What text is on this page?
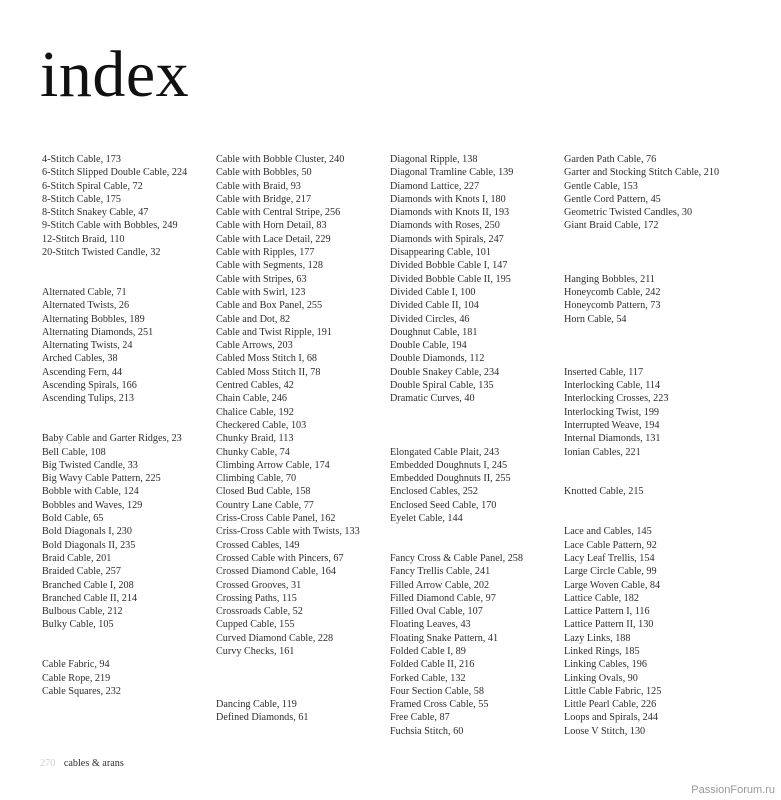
index
4-Stitch Cable, 173
6-Stitch Slipped Double Cable, 224
6-Stitch Spiral Cable, 72
8-Stitch Cable, 175
8-Stitch Snakey Cable, 47
9-Stitch Cable with Bobbles, 249
12-Stitch Braid, 110
20-Stitch Twisted Candle, 32
Alternated Cable, 71
Alternated Twists, 26
Alternating Bobbles, 189
Alternating Diamonds, 251
Alternating Twists, 24
Arched Cables, 38
Ascending Fern, 44
Ascending Spirals, 166
Ascending Tulips, 213
Baby Cable and Garter Ridges, 23
Bell Cable, 108
Big Twisted Candle, 33
Big Wavy Cable Pattern, 225
Bobble with Cable, 124
Bobbles and Waves, 129
Bold Cable, 65
Bold Diagonals I, 230
Bold Diagonals II, 235
Braid Cable, 201
Braided Cable, 257
Branched Cable I, 208
Branched Cable II, 214
Bulbous Cable, 212
Bulky Cable, 105
Cable Fabric, 94
Cable Rope, 219
Cable Squares, 232
Cable with Bobble Cluster, 240
Cable with Bobbles, 50
Cable with Braid, 93
Cable with Bridge, 217
Cable with Central Stripe, 256
Cable with Horn Detail, 83
Cable with Lace Detail, 229
Cable with Ripples, 177
Cable with Segments, 128
Cable with Stripes, 63
Cable with Swirl, 123
Cable and Box Panel, 255
Cable and Dot, 82
Cable and Twist Ripple, 191
Cable Arrows, 203
Cabled Moss Stitch I, 68
Cabled Moss Stitch II, 78
Centred Cables, 42
Chain Cable, 246
Chalice Cable, 192
Checkered Cable, 103
Chunky Braid, 113
Chunky Cable, 74
Climbing Arrow Cable, 174
Climbing Cable, 70
Closed Bud Cable, 158
Country Lane Cable, 77
Criss-Cross Cable Panel, 162
Criss-Cross Cable with Twists, 133
Crossed Cables, 149
Crossed Cable with Pincers, 67
Crossed Diamond Cable, 164
Crossed Grooves, 31
Crossing Paths, 115
Crossroads Cable, 52
Cupped Cable, 155
Curved Diamond Cable, 228
Curvy Checks, 161
Dancing Cable, 119
Defined Diamonds, 61
Diagonal Ripple, 138
Diagonal Tramline Cable, 139
Diamond Lattice, 227
Diamonds with Knots I, 180
Diamonds with Knots II, 193
Diamonds with Roses, 250
Diamonds with Spirals, 247
Disappearing Cable, 101
Divided Bobble Cable I, 147
Divided Bobble Cable II, 195
Divided Cable I, 100
Divided Cable II, 104
Divided Circles, 46
Doughnut Cable, 181
Double Cable, 194
Double Diamonds, 112
Double Snakey Cable, 234
Double Spiral Cable, 135
Dramatic Curves, 40
Elongated Cable Plait, 243
Embedded Doughnuts I, 245
Embedded Doughnuts II, 255
Enclosed Cables, 252
Enclosed Seed Cable, 170
Eyelet Cable, 144
Fancy Cross & Cable Panel, 258
Fancy Trellis Cable, 241
Filled Arrow Cable, 202
Filled Diamond Cable, 97
Filled Oval Cable, 107
Floating Leaves, 43
Floating Snake Pattern, 41
Folded Cable I, 89
Folded Cable II, 216
Forked Cable, 132
Four Section Cable, 58
Framed Cross Cable, 55
Free Cable, 87
Fuchsia Stitch, 60
Garden Path Cable, 76
Garter and Stocking Stitch Cable, 210
Gentle Cable, 153
Gentle Cord Pattern, 45
Geometric Twisted Candles, 30
Giant Braid Cable, 172
Hanging Bobbles, 211
Honeycomb Cable, 242
Honeycomb Pattern, 73
Horn Cable, 54
Inserted Cable, 117
Interlocking Cable, 114
Interlocking Crosses, 223
Interlocking Twist, 199
Interrupted Weave, 194
Internal Diamonds, 131
Ionian Cables, 221
Knotted Cable, 215
Lace and Cables, 145
Lace Cable Pattern, 92
Lacy Leaf Trellis, 154
Large Circle Cable, 99
Large Woven Cable, 84
Lattice Cable, 182
Lattice Pattern I, 116
Lattice Pattern II, 130
Lazy Links, 188
Linked Rings, 185
Linking Cables, 196
Linking Ovals, 90
Little Cable Fabric, 125
Little Pearl Cable, 226
Loops and Spirals, 244
Loose V Stitch, 130
270 cables & arans
PassionForum.ru
